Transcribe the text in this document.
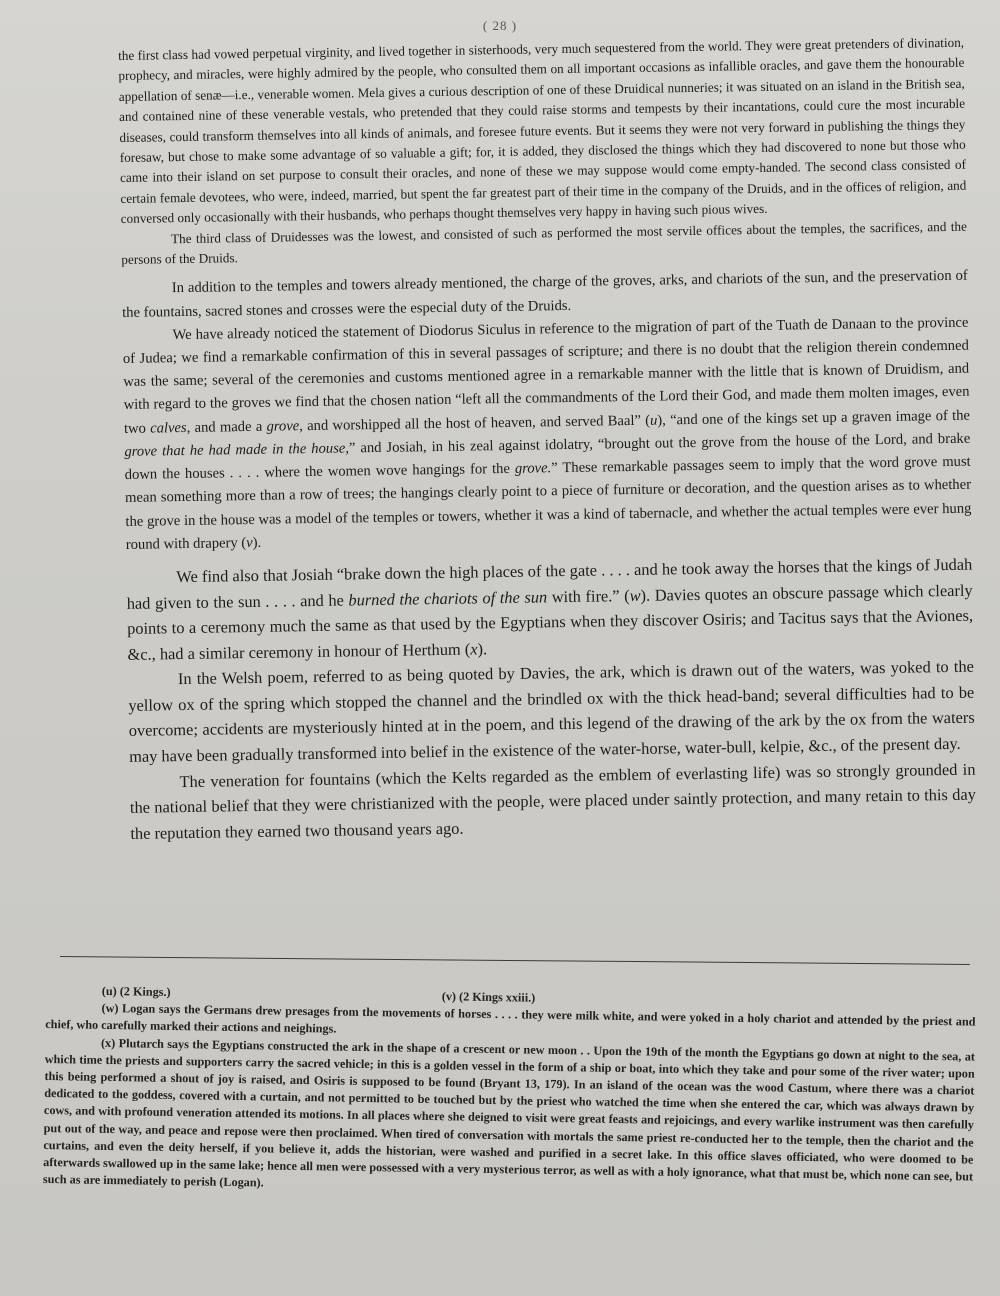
( 28 )

the first class had vowed perpetual virginity, and lived together in sisterhoods, very much sequestered from the world. They were great pretenders of divination, prophecy, and miracles, were highly admired by the people, who consulted them on all important occasions as infallible oracles, and gave them the honourable appellation of senæ—i.e., venerable women. Mela gives a curious description of one of these Druidical nunneries; it was situated on an island in the British sea, and contained nine of these venerable vestals, who pretended that they could raise storms and tempests by their incantations, could cure the most incurable diseases, could transform themselves into all kinds of animals, and foresee future events. But it seems they were not very forward in publishing the things they foresaw, but chose to make some advantage of so valuable a gift; for, it is added, they disclosed the things which they had discovered to none but those who came into their island on set purpose to consult their oracles, and none of these we may suppose would come empty-handed. The second class consisted of certain female devotees, who were, indeed, married, but spent the far greatest part of their time in the company of the Druids, and in the offices of religion, and conversed only occasionally with their husbands, who perhaps thought themselves very happy in having such pious wives.

The third class of Druidesses was the lowest, and consisted of such as performed the most servile offices about the temples, the sacrifices, and the persons of the Druids.

In addition to the temples and towers already mentioned, the charge of the groves, arks, and chariots of the sun, and the preservation of the fountains, sacred stones and crosses were the especial duty of the Druids.

We have already noticed the statement of Diodorus Siculus in reference to the migration of part of the Tuath de Danaan to the province of Judea; we find a remarkable confirmation of this in several passages of scripture; and there is no doubt that the religion therein condemned was the same; several of the ceremonies and customs mentioned agree in a remarkable manner with the little that is known of Druidism, and with regard to the groves we find that the chosen nation “left all the commandments of the Lord their God, and made them molten images, even two calves, and made a grove, and worshipped all the host of heaven, and served Baal” (u), “and one of the kings set up a graven image of the grove that he had made in the house,” and Josiah, in his zeal against idolatry, “brought out the grove from the house of the Lord, and brake down the houses . . . . where the women wove hangings for the grove.” These remarkable passages seem to imply that the word grove must mean something more than a row of trees; the hangings clearly point to a piece of furniture or decoration, and the question arises as to whether the grove in the house was a model of the temples or towers, whether it was a kind of tabernacle, and whether the actual temples were ever hung round with drapery (v).

We find also that Josiah “brake down the high places of the gate . . . . and he took away the horses that the kings of Judah had given to the sun . . . . and he burned the chariots of the sun with fire.” (w). Davies quotes an obscure passage which clearly points to a ceremony much the same as that used by the Egyptians when they discover Osiris; and Tacitus says that the Aviones, &c., had a similar ceremony in honour of Herthum (x).

In the Welsh poem, referred to as being quoted by Davies, the ark, which is drawn out of the waters, was yoked to the yellow ox of the spring which stopped the channel and the brindled ox with the thick head-band; several difficulties had to be overcome; accidents are mysteriously hinted at in the poem, and this legend of the drawing of the ark by the ox from the waters may have been gradually transformed into belief in the existence of the water-horse, water-bull, kelpie, &c., of the present day.

The veneration for fountains (which the Kelts regarded as the emblem of everlasting life) was so strongly grounded in the national belief that they were christianized with the people, were placed under saintly protection, and many retain to this day the reputation they earned two thousand years ago.

(u) (2 Kings.)	(v) (2 Kings xxiii.)

(w) Logan says the Germans drew presages from the movements of horses . . . . they were milk white, and were yoked in a holy chariot and attended by the priest and chief, who carefully marked their actions and neighings.

(x) Plutarch says the Egyptians constructed the ark in the shape of a crescent or new moon . . Upon the 19th of the month the Egyptians go down at night to the sea, at which time the priests and supporters carry the sacred vehicle; in this is a golden vessel in the form of a ship or boat, into which they take and pour some of the river water; upon this being performed a shout of joy is raised, and Osiris is supposed to be found (Bryant 13, 179). In an island of the ocean was the wood Castum, where there was a chariot dedicated to the goddess, covered with a curtain, and not permitted to be touched but by the priest who watched the time when she entered the car, which was always drawn by cows, and with profound veneration attended its motions. In all places where she deigned to visit were great feasts and rejoicings, and every warlike instrument was then carefully put out of the way, and peace and repose were then proclaimed. When tired of conversation with mortals the same priest re-conducted her to the temple, then the chariot and the curtains, and even the deity herself, if you believe it, adds the historian, were washed and purified in a secret lake. In this office slaves officiated, who were doomed to be afterwards swallowed up in the same lake; hence all men were possessed with a very mysterious terror, as well as with a holy ignorance, what that must be, which none can see, but such as are immediately to perish (Logan).
